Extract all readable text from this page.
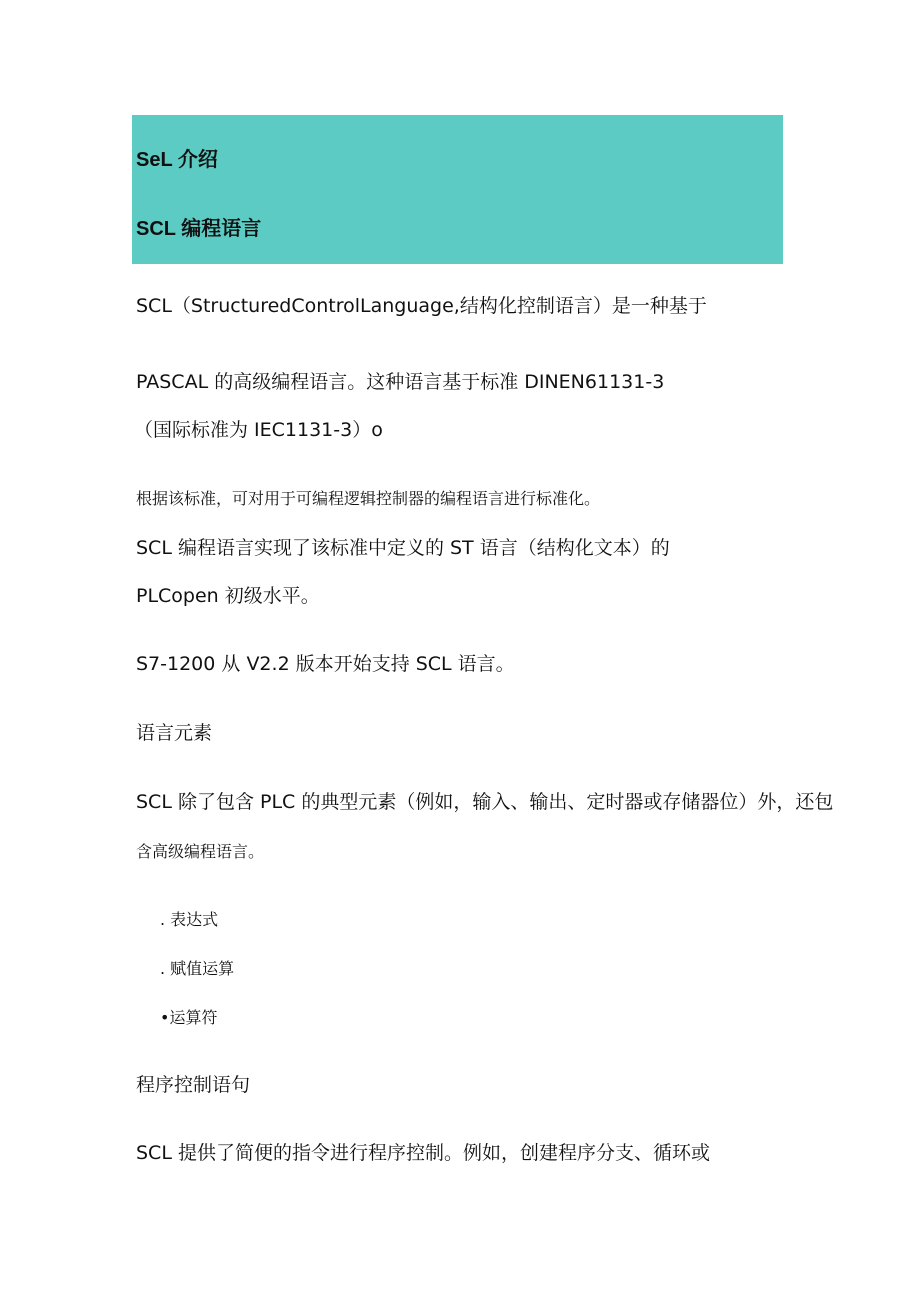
SeL 介绍
SCL 编程语言
SCL（StructuredControlLanguage,结构化控制语言）是一种基于
PASCAL 的高级编程语言。这种语言基于标准 DINEN61131-3
（国际标准为 IEC1131-3）o
根据该标准，可对用于可编程逻辑控制器的编程语言进行标准化。
SCL 编程语言实现了该标准中定义的 ST 语言（结构化文本）的
PLCopen 初级水平。
S7-1200 从 V2.2 版本开始支持 SCL 语言。
语言元素
SCL 除了包含 PLC 的典型元素（例如，输入、输出、定时器或存储器位）外，还包
含高级编程语言。
. 表达式
. 赋值运算
•运算符
程序控制语句
SCL 提供了简便的指令进行程序控制。例如，创建程序分支、循环或
